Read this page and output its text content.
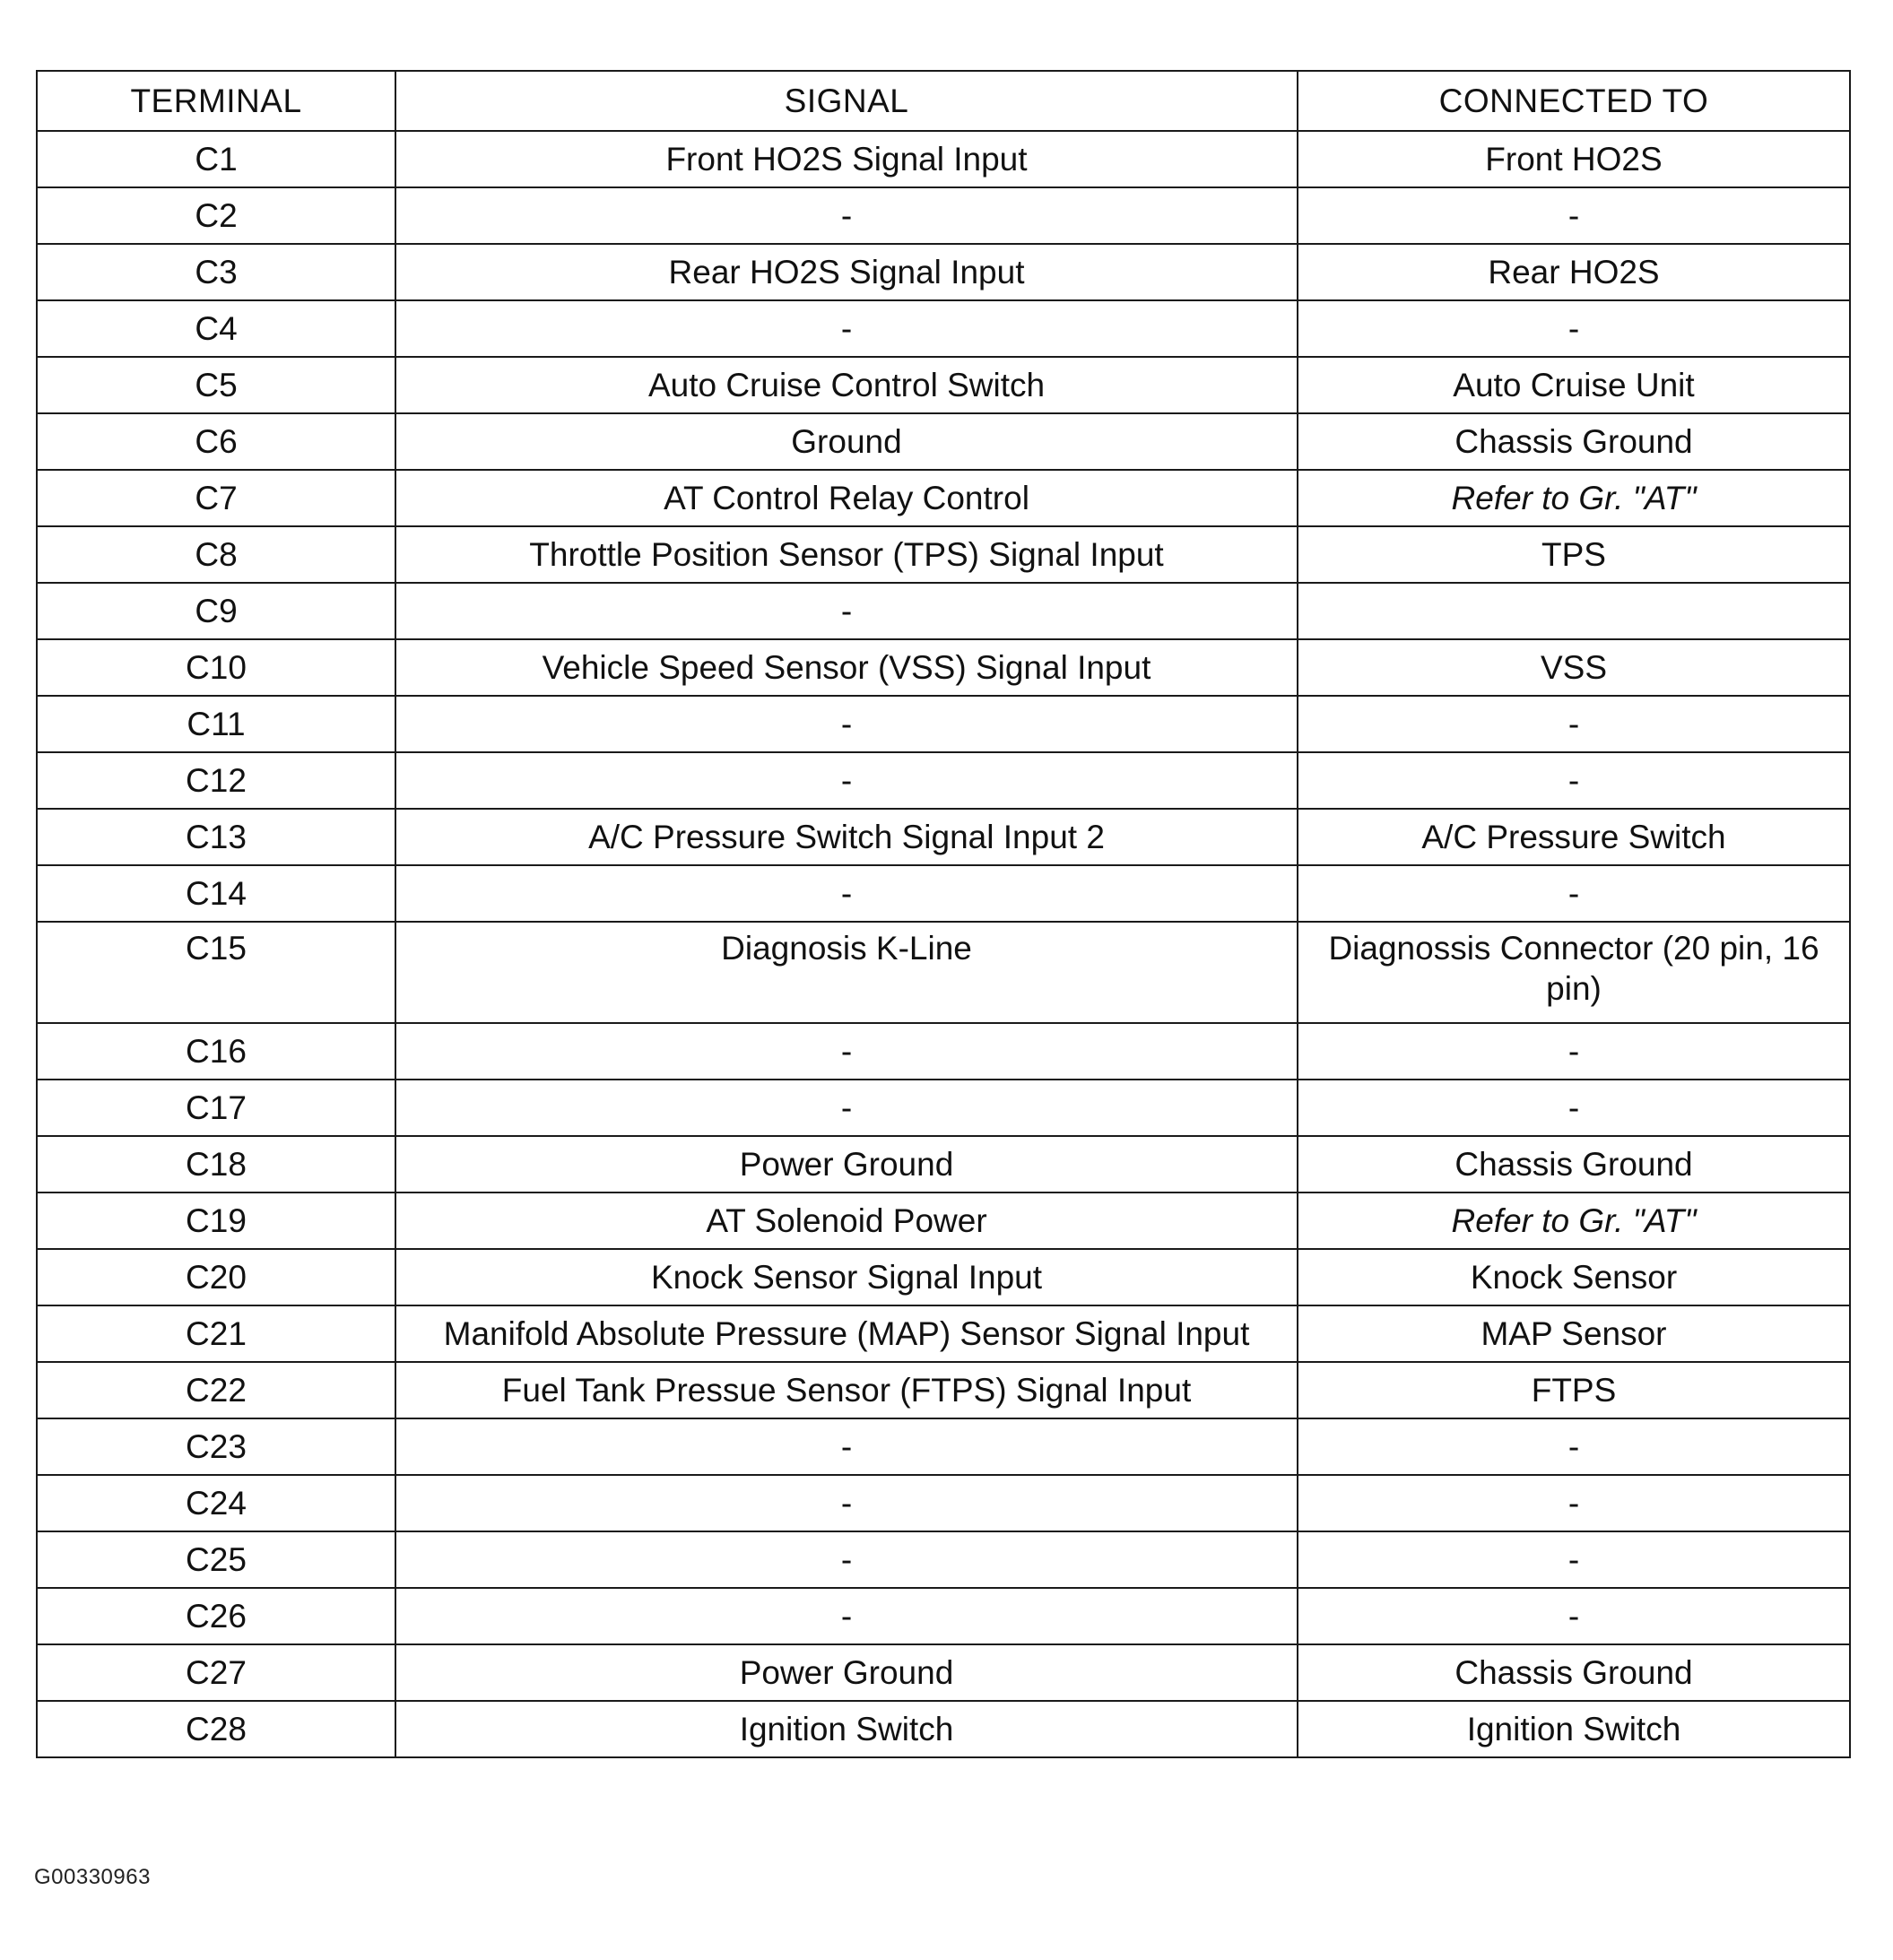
TERMINAL	SIGNAL	CONNECTED TO
C1	Front HO2S Signal Input	Front HO2S
C2	-	-
C3	Rear HO2S Signal Input	Rear HO2S
C4	-	-
C5	Auto Cruise Control Switch	Auto Cruise Unit
C6	Ground	Chassis Ground
C7	AT Control Relay Control	Refer to Gr. "AT"
C8	Throttle Position Sensor (TPS) Signal Input	TPS
C9	-	
C10	Vehicle Speed Sensor (VSS) Signal Input	VSS
C11	-	-
C12	-	-
C13	A/C Pressure Switch Signal Input 2	A/C Pressure Switch
C14	-	-
C15	Diagnosis K-Line	Diagnossis Connector (20 pin, 16 pin)
C16	-	-
C17	-	-
C18	Power Ground	Chassis Ground
C19	AT Solenoid Power	Refer to Gr. "AT"
C20	Knock Sensor Signal Input	Knock Sensor
C21	Manifold Absolute Pressure (MAP) Sensor Signal Input	MAP Sensor
C22	Fuel Tank Pressue Sensor (FTPS) Signal Input	FTPS
C23	-	-
C24	-	-
C25	-	-
C26	-	-
C27	Power Ground	Chassis Ground
C28	Ignition Switch	Ignition Switch
G00330963
